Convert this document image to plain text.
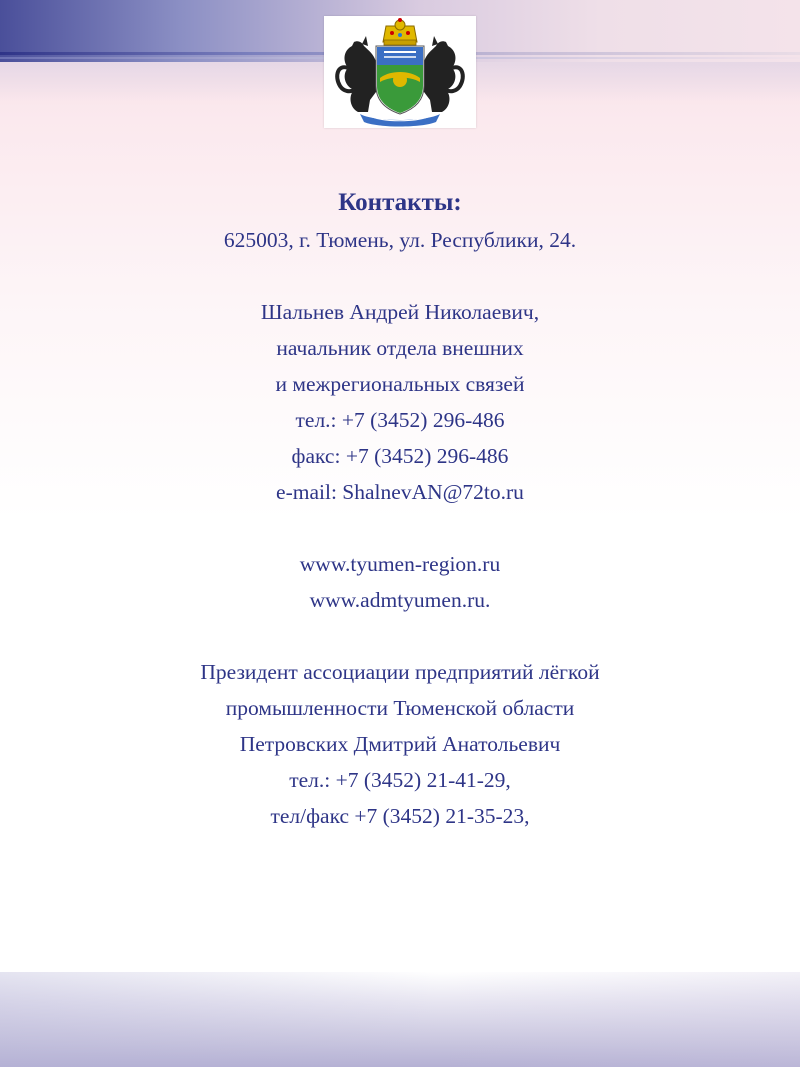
Контакты:
625003, г. Тюмень, ул. Республики, 24.
Шальнев Андрей Николаевич,
начальник отдела внешних
и межрегиональных связей
тел.: +7 (3452) 296-486
факс: +7 (3452) 296-486
e-mail: ShalnevAN@72to.ru
www.tyumen-region.ru
www.admtyumen.ru.
Президент ассоциации предприятий лёгкой
промышленности Тюменской области
Петровских Дмитрий Анатольевич
тел.: +7 (3452) 21-41-29,
тел/факс +7 (3452) 21-35-23,
